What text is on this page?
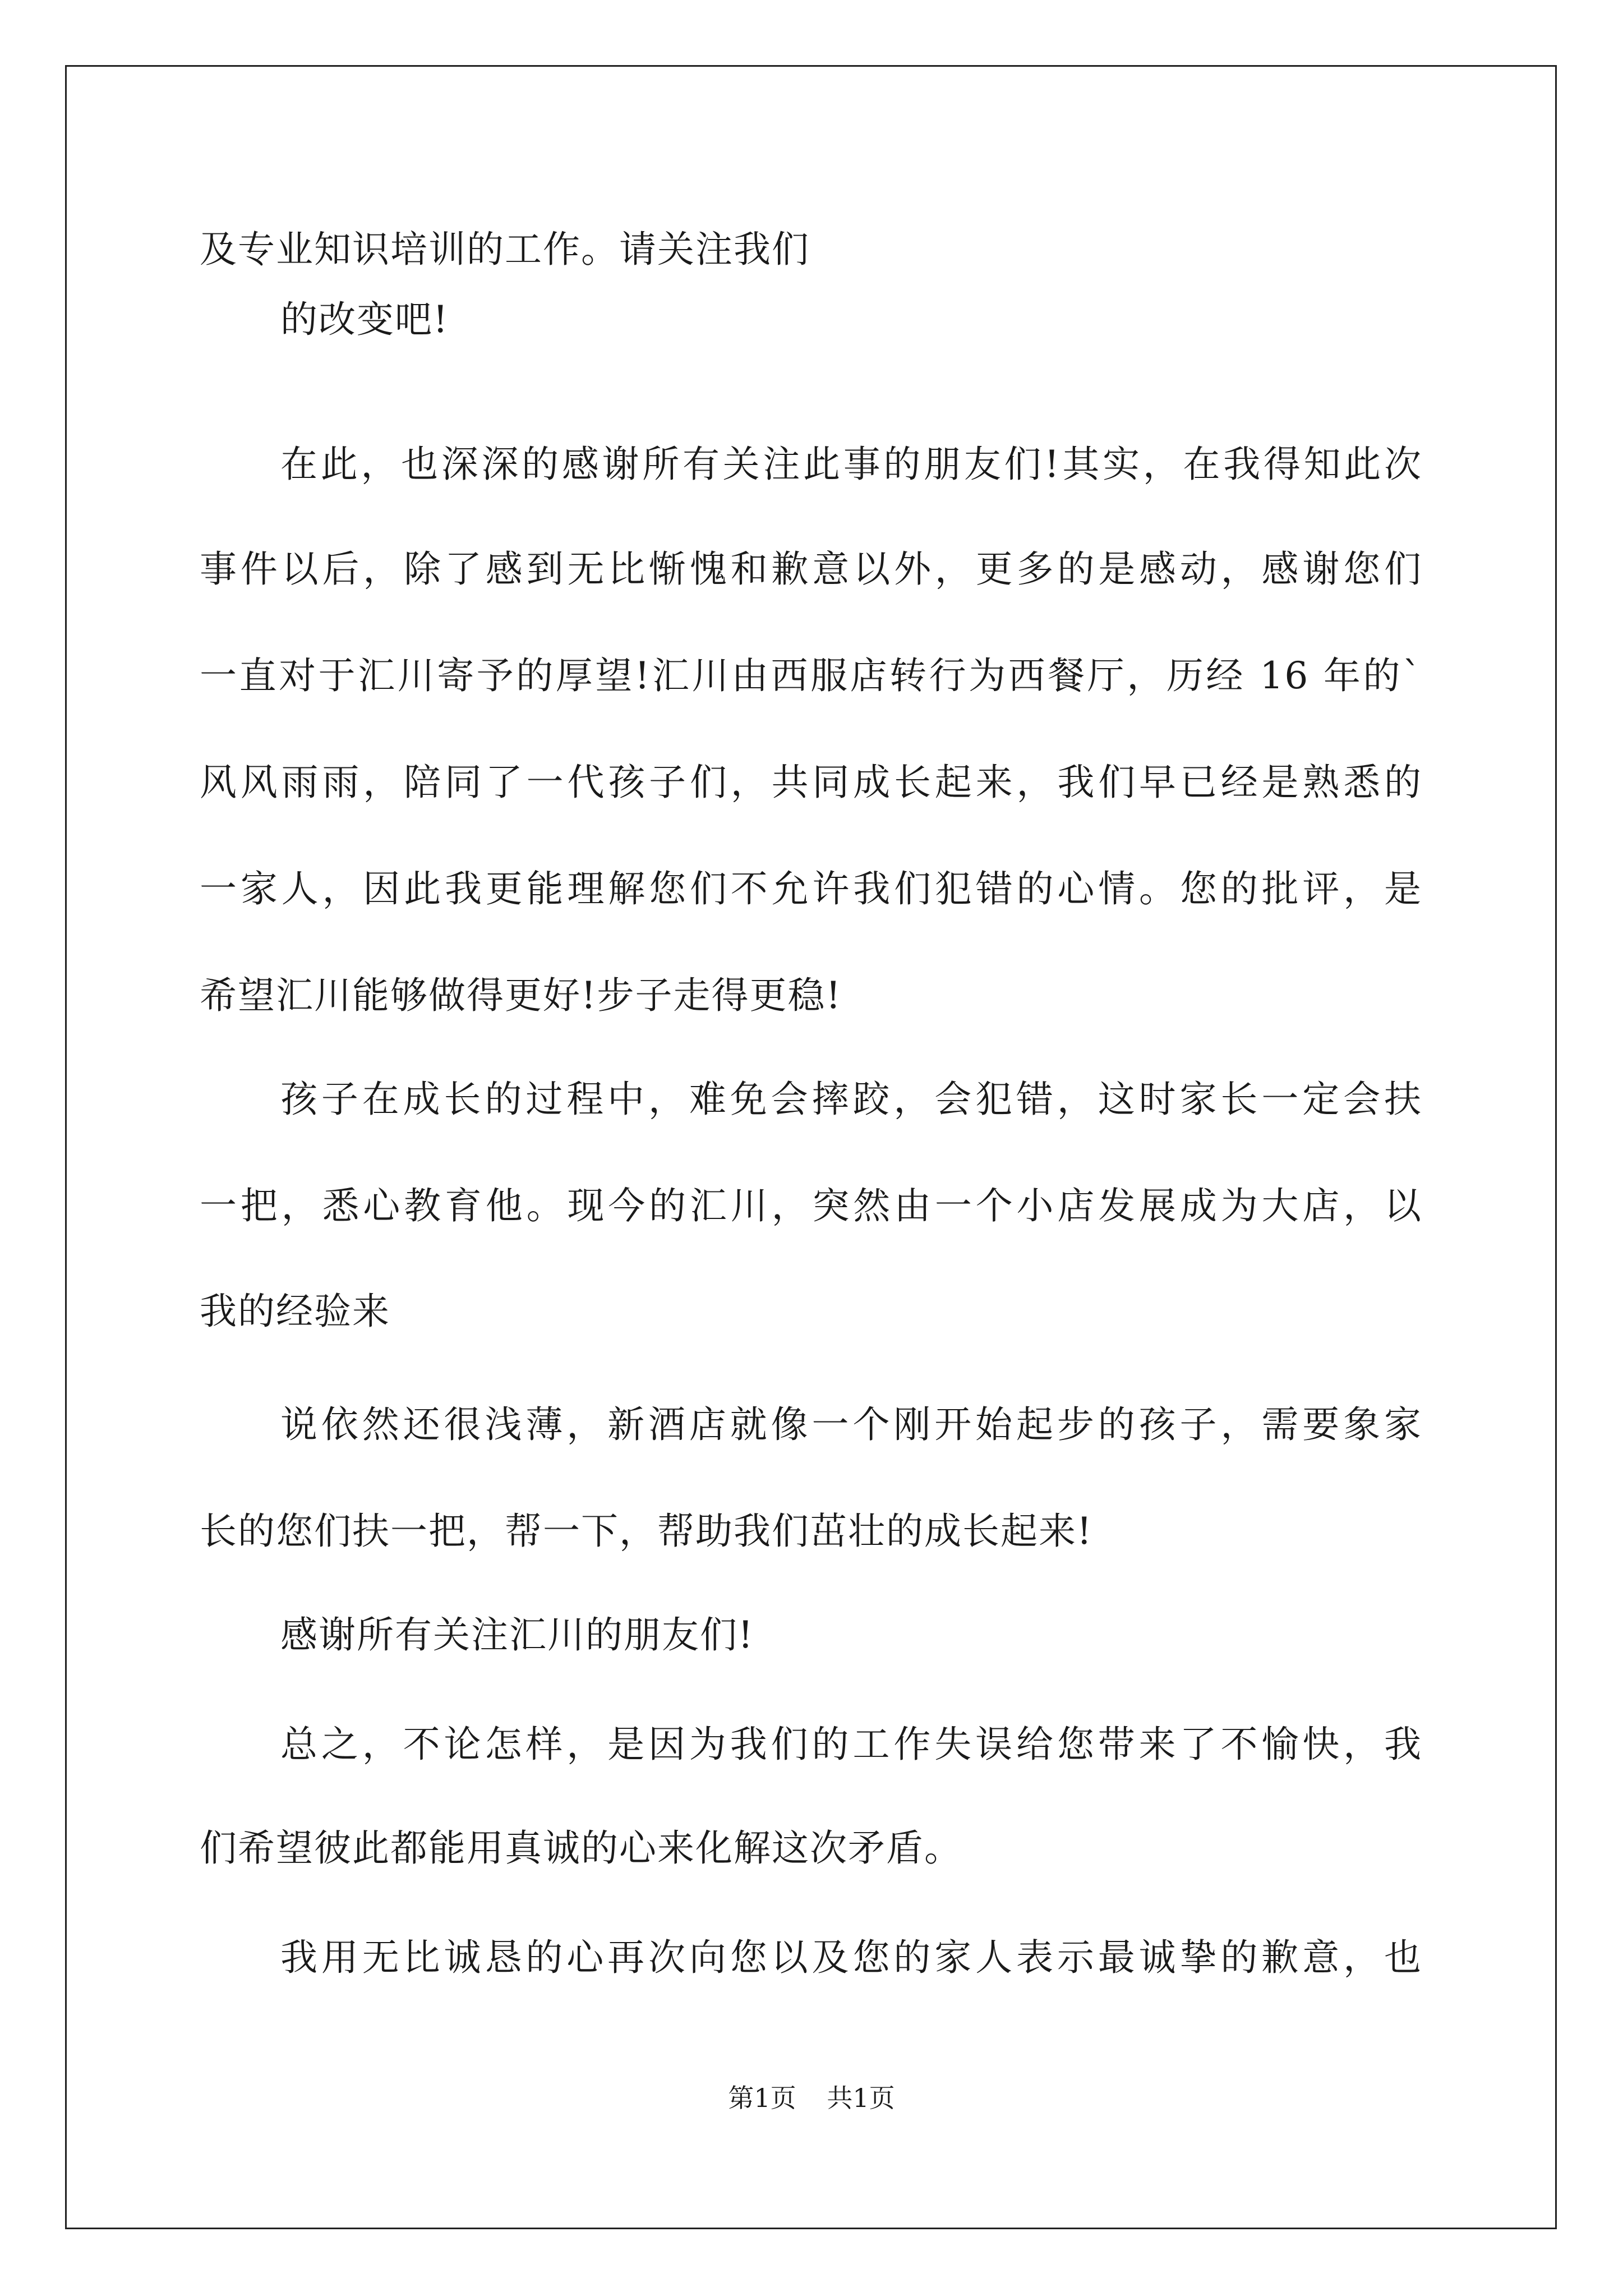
及专业知识培训的工作。请关注我们
的改变吧!
在此，也深深的感谢所有关注此事的朋友们!其实，在我得知此次
事件以后，除了感到无比惭愧和歉意以外，更多的是感动，感谢您们
一直对于汇川寄予的厚望!汇川由西服店转行为西餐厅，历经 16 年的`
风风雨雨，陪同了一代孩子们，共同成长起来，我们早已经是熟悉的
一家人，因此我更能理解您们不允许我们犯错的心情。您的批评，是
希望汇川能够做得更好!步子走得更稳!
孩子在成长的过程中，难免会摔跤，会犯错，这时家长一定会扶
一把，悉心教育他。现今的汇川，突然由一个小店发展成为大店，以
我的经验来
说依然还很浅薄，新酒店就像一个刚开始起步的孩子，需要象家
长的您们扶一把，帮一下，帮助我们茁壮的成长起来!
感谢所有关注汇川的朋友们!
总之，不论怎样，是因为我们的工作失误给您带来了不愉快，我
们希望彼此都能用真诚的心来化解这次矛盾。
我用无比诚恳的心再次向您以及您的家人表示最诚挚的歉意，也
第1页 共1页
